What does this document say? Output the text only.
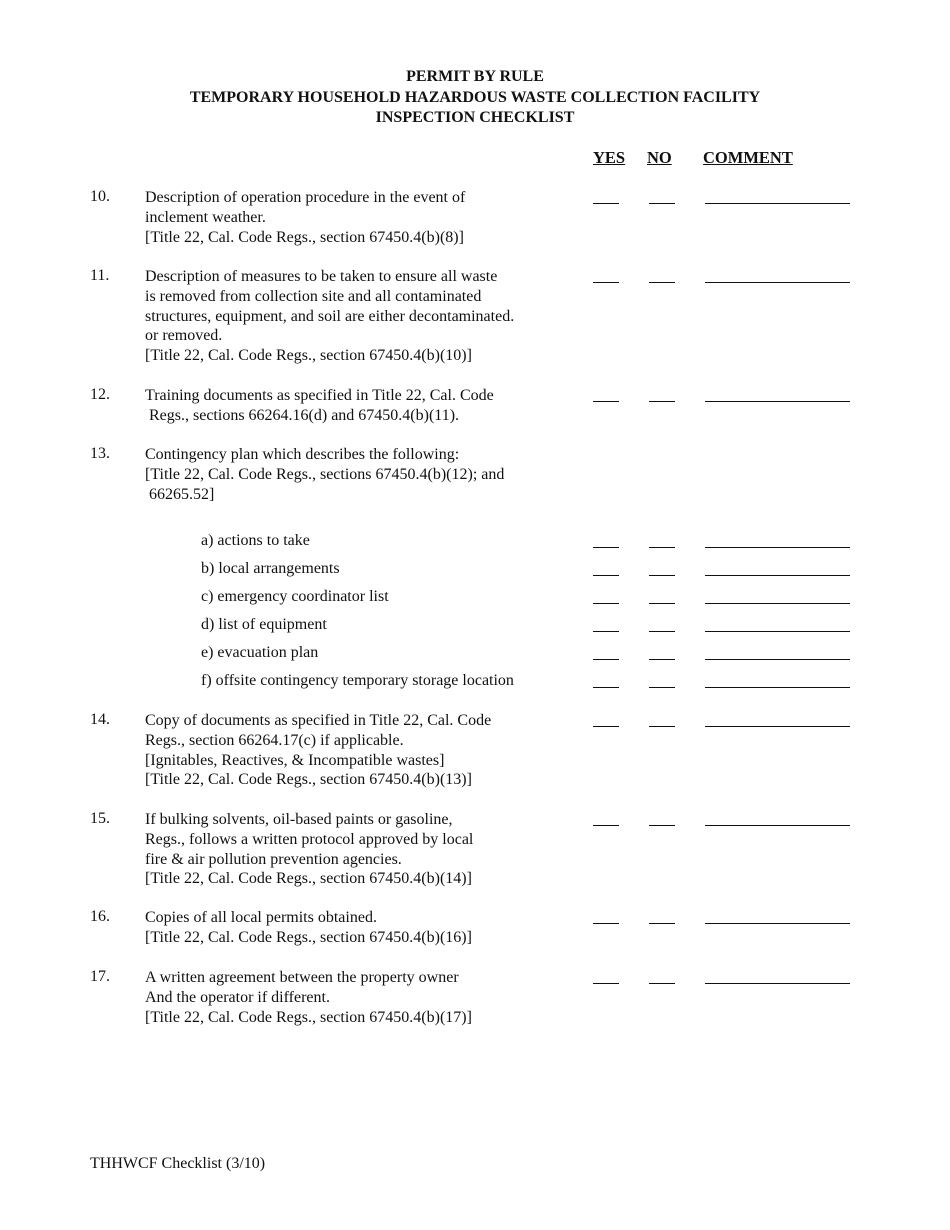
PERMIT BY RULE
TEMPORARY HOUSEHOLD HAZARDOUS WASTE COLLECTION FACILITY
INSPECTION CHECKLIST
YES NO COMMENT
10. Description of operation procedure in the event of
inclement weather.
[Title 22, Cal. Code Regs., section 67450.4(b)(8)]
11. Description of measures to be taken to ensure all waste
is removed from collection site and all contaminated
structures, equipment, and soil are either decontaminated.
or removed.
[Title 22, Cal. Code Regs., section 67450.4(b)(10)]
12. Training documents as specified in Title 22, Cal. Code
Regs., sections 66264.16(d) and 67450.4(b)(11).
13. Contingency plan which describes the following:
[Title 22, Cal. Code Regs., sections 67450.4(b)(12); and
66265.52]
a) actions to take
b) local arrangements
c) emergency coordinator list
d) list of equipment
e) evacuation plan
f) offsite contingency temporary storage location
14. Copy of documents as specified in Title 22, Cal. Code
Regs., section 66264.17(c) if applicable.
[Ignitables, Reactives, & Incompatible wastes]
[Title 22, Cal. Code Regs., section 67450.4(b)(13)]
15. If bulking solvents, oil-based paints or gasoline,
Regs., follows a written protocol approved by local
fire & air pollution prevention agencies.
[Title 22, Cal. Code Regs., section 67450.4(b)(14)]
16. Copies of all local permits obtained.
[Title 22, Cal. Code Regs., section 67450.4(b)(16)]
17. A written agreement between the property owner
And the operator if different.
[Title 22, Cal. Code Regs., section 67450.4(b)(17)]
THHWCF Checklist (3/10)
